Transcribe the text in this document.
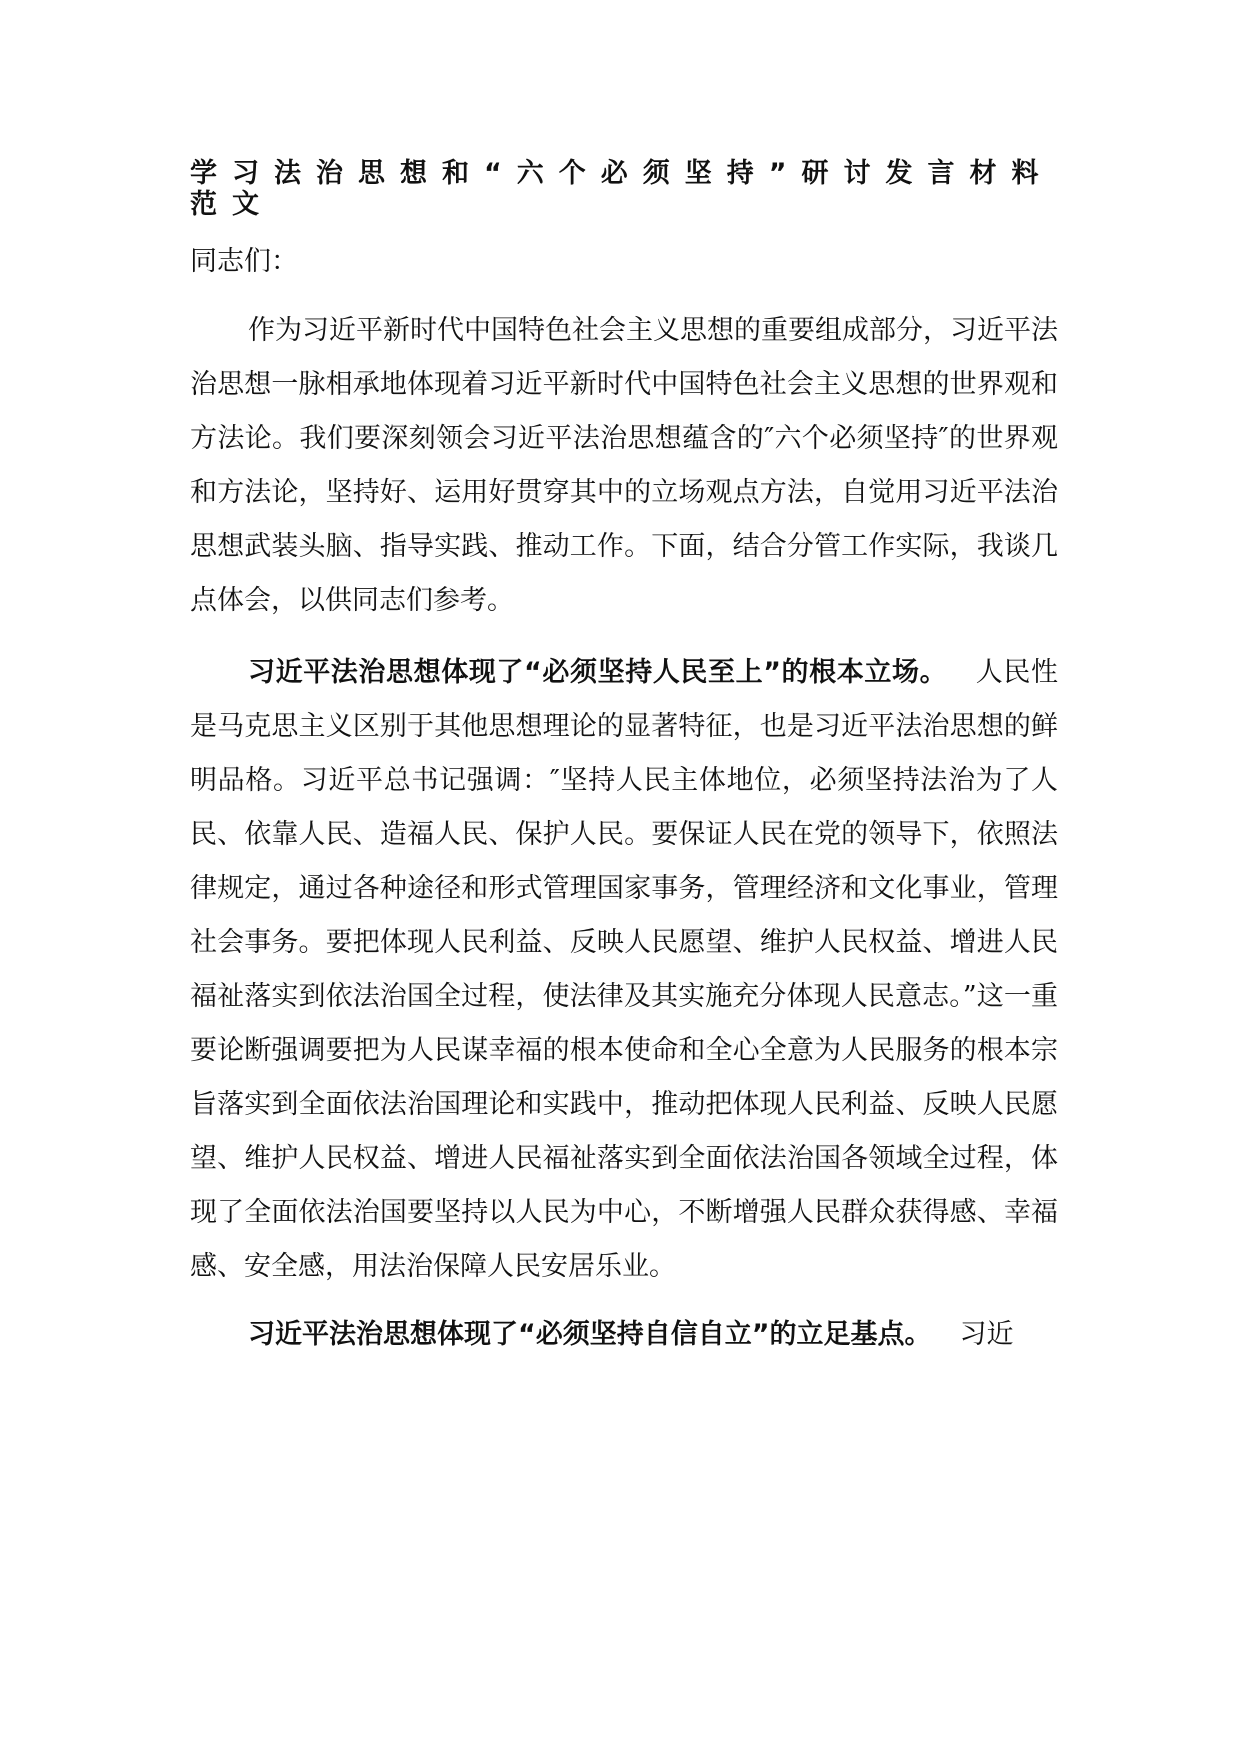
学习法治思想和“六个必须坚持”研讨发言材料范文

同志们：

作为习近平新时代中国特色社会主义思想的重要组成部分，习近平法治思想一脉相承地体现着习近平新时代中国特色社会主义思想的世界观和方法论。我们要深刻领会习近平法治思想蕴含的″六个必须坚持″的世界观和方法论，坚持好、运用好贯穿其中的立场观点方法，自觉用习近平法治思想武装头脑、指导实践、推动工作。下面，结合分管工作实际，我谈几点体会，以供同志们参考。

习近平法治思想体现了“必须坚持人民至上”的根本立场。 人民性是马克思主义区别于其他思想理论的显著特征，也是习近平法治思想的鲜明品格。习近平总书记强调：″坚持人民主体地位，必须坚持法治为了人民、依靠人民、造福人民、保护人民。要保证人民在党的领导下，依照法律规定，通过各种途径和形式管理国家事务，管理经济和文化事业，管理社会事务。要把体现人民利益、反映人民愿望、维护人民权益、增进人民福祉落实到依法治国全过程，使法律及其实施充分体现人民意志。”这一重要论断强调要把为人民谋幸福的根本使命和全心全意为人民服务的根本宗旨落实到全面依法治国理论和实践中，推动把体现人民利益、反映人民愿望、维护人民权益、增进人民福祉落实到全面依法治国各领域全过程，体现了全面依法治国要坚持以人民为中心，不断增强人民群众获得感、幸福感、安全感，用法治保障人民安居乐业。

习近平法治思想体现了“必须坚持自信自立”的立足基点。 习近
